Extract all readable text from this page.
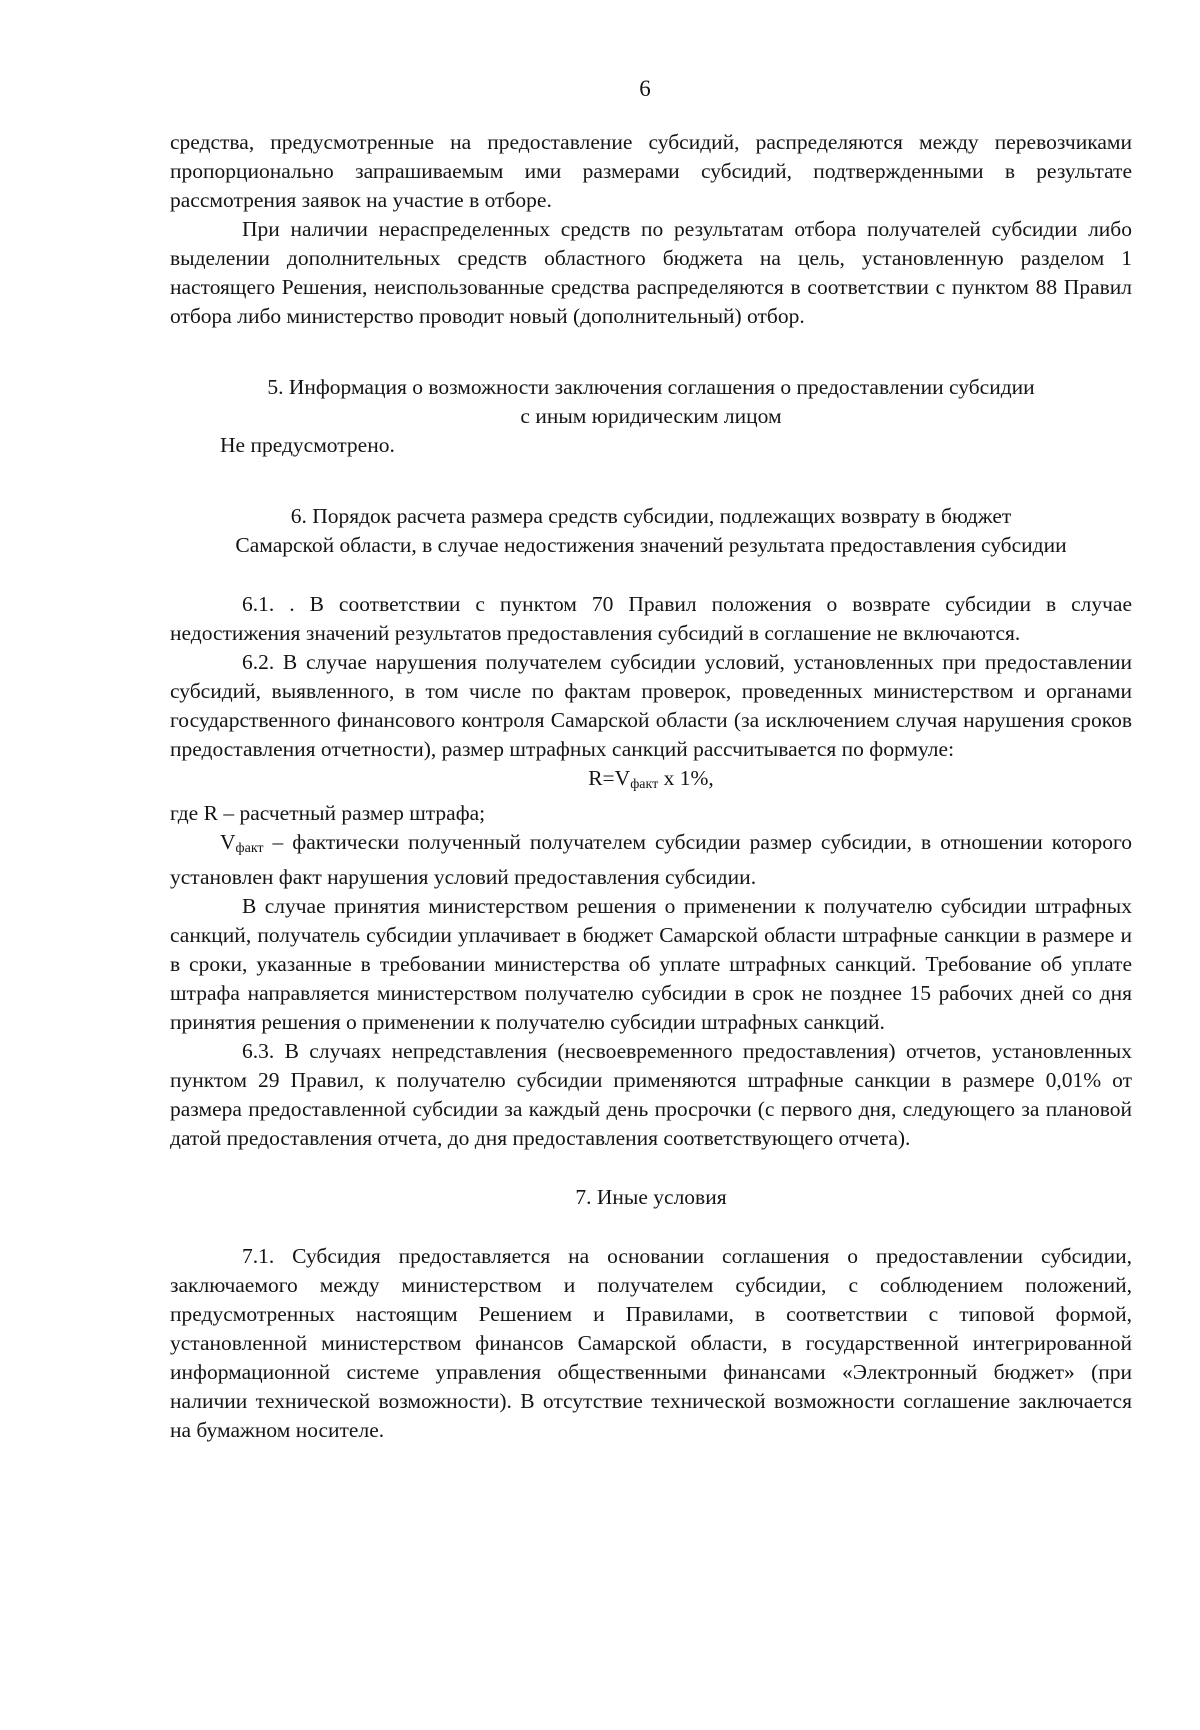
6

средства, предусмотренные на предоставление субсидий, распределяются между перевозчиками пропорционально запрашиваемым ими размерами субсидий, подтвержденными в результате рассмотрения заявок на участие в отборе.

При наличии нераспределенных средств по результатам отбора получателей субсидии либо выделении дополнительных средств областного бюджета на цель, установленную разделом 1 настоящего Решения, неиспользованные средства распределяются в соответствии с пунктом 88 Правил отбора либо министерство проводит новый (дополнительный) отбор.

5. Информация о возможности заключения соглашения о предоставлении субсидии
с иным юридическим лицом

Не предусмотрено.

6. Порядок расчета размера средств субсидии, подлежащих возврату в бюджет
Самарской области, в случае недостижения значений результата предоставления субсидии

6.1. . В соответствии с пунктом 70 Правил положения о возврате субсидии в случае недостижения значений результатов предоставления субсидий в соглашение не включаются.

6.2. В случае нарушения получателем субсидии условий, установленных при предоставлении субсидий, выявленного, в том числе по фактам проверок, проведенных министерством и органами государственного финансового контроля Самарской области (за исключением случая нарушения сроков предоставления отчетности), размер штрафных санкций рассчитывается по формуле:

$R=V_{факт}$ x 1%,

где R – расчетный размер штрафа;

$V_{факт}$ – фактически полученный получателем субсидии размер субсидии, в отношении которого установлен факт нарушения условий предоставления субсидии.

В случае принятия министерством решения о применении к получателю субсидии штрафных санкций, получатель субсидии уплачивает в бюджет Самарской области штрафные санкции в размере и в сроки, указанные в требовании министерства об уплате штрафных санкций. Требование об уплате штрафа направляется министерством получателю субсидии в срок не позднее 15 рабочих дней со дня принятия решения о применении к получателю субсидии штрафных санкций.

6.3. В случаях непредставления (несвоевременного предоставления) отчетов, установленных пунктом 29 Правил, к получателю субсидии применяются штрафные санкции в размере 0,01% от размера предоставленной субсидии за каждый день просрочки (с первого дня, следующего за плановой датой предоставления отчета, до дня предоставления соответствующего отчета).

7. Иные условия

7.1. Субсидия предоставляется на основании соглашения о предоставлении субсидии, заключаемого между министерством и получателем субсидии, с соблюдением положений, предусмотренных настоящим Решением и Правилами, в соответствии с типовой формой, установленной министерством финансов Самарской области, в государственной интегрированной информационной системе управления общественными финансами «Электронный бюджет» (при наличии технической возможности). В отсутствие технической возможности соглашение заключается на бумажном носителе.
